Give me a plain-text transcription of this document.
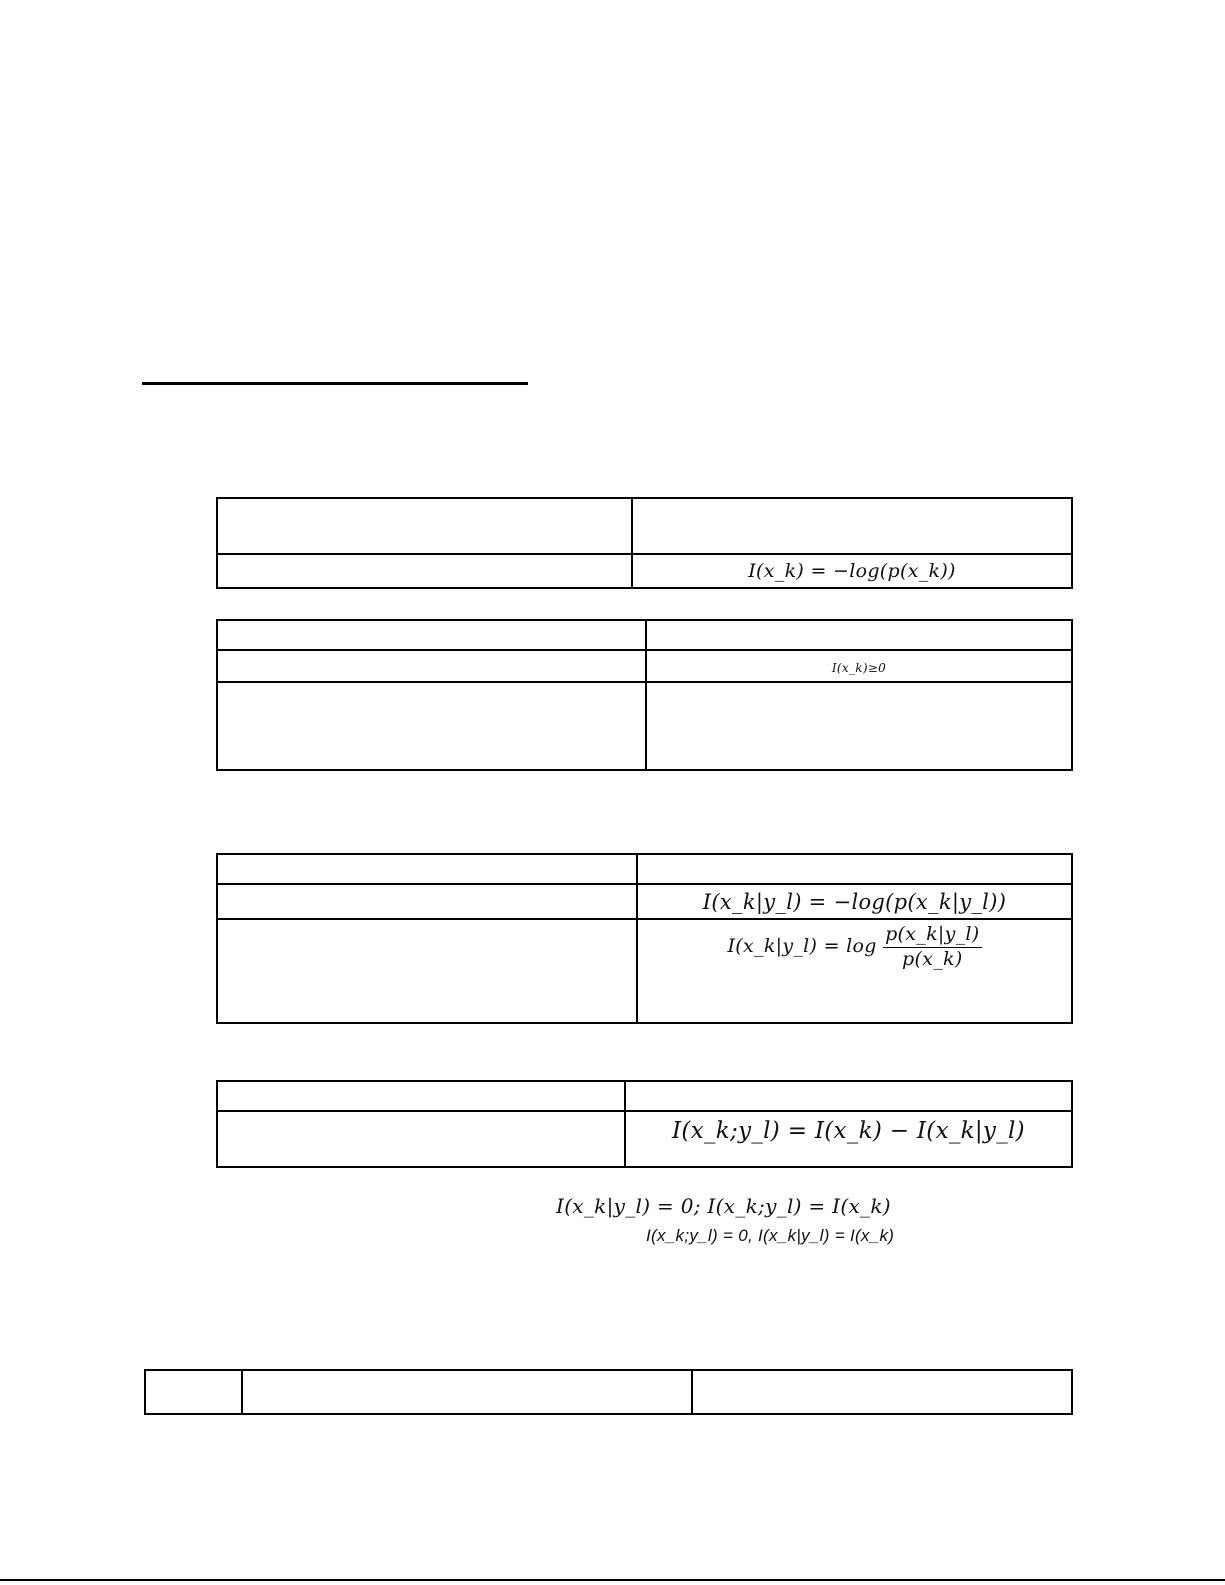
	I(x_k) = −log(p(x_k))

	I(x_k)≥0

	I(x_k|y_l) = −log(p(x_k|y_l))
	I(x_k|y_l) = $\log \frac{p(x\_k|y\_l)}{p(x\_k)}$

	I(x_k;y_l) = I(x_k) − I(x_k|y_l)
I(x_k|y_l) = 0; I(x_k;y_l) = I(x_k)
I(x_k;y_l) = 0, I(x_k|y_l) = I(x_k)
